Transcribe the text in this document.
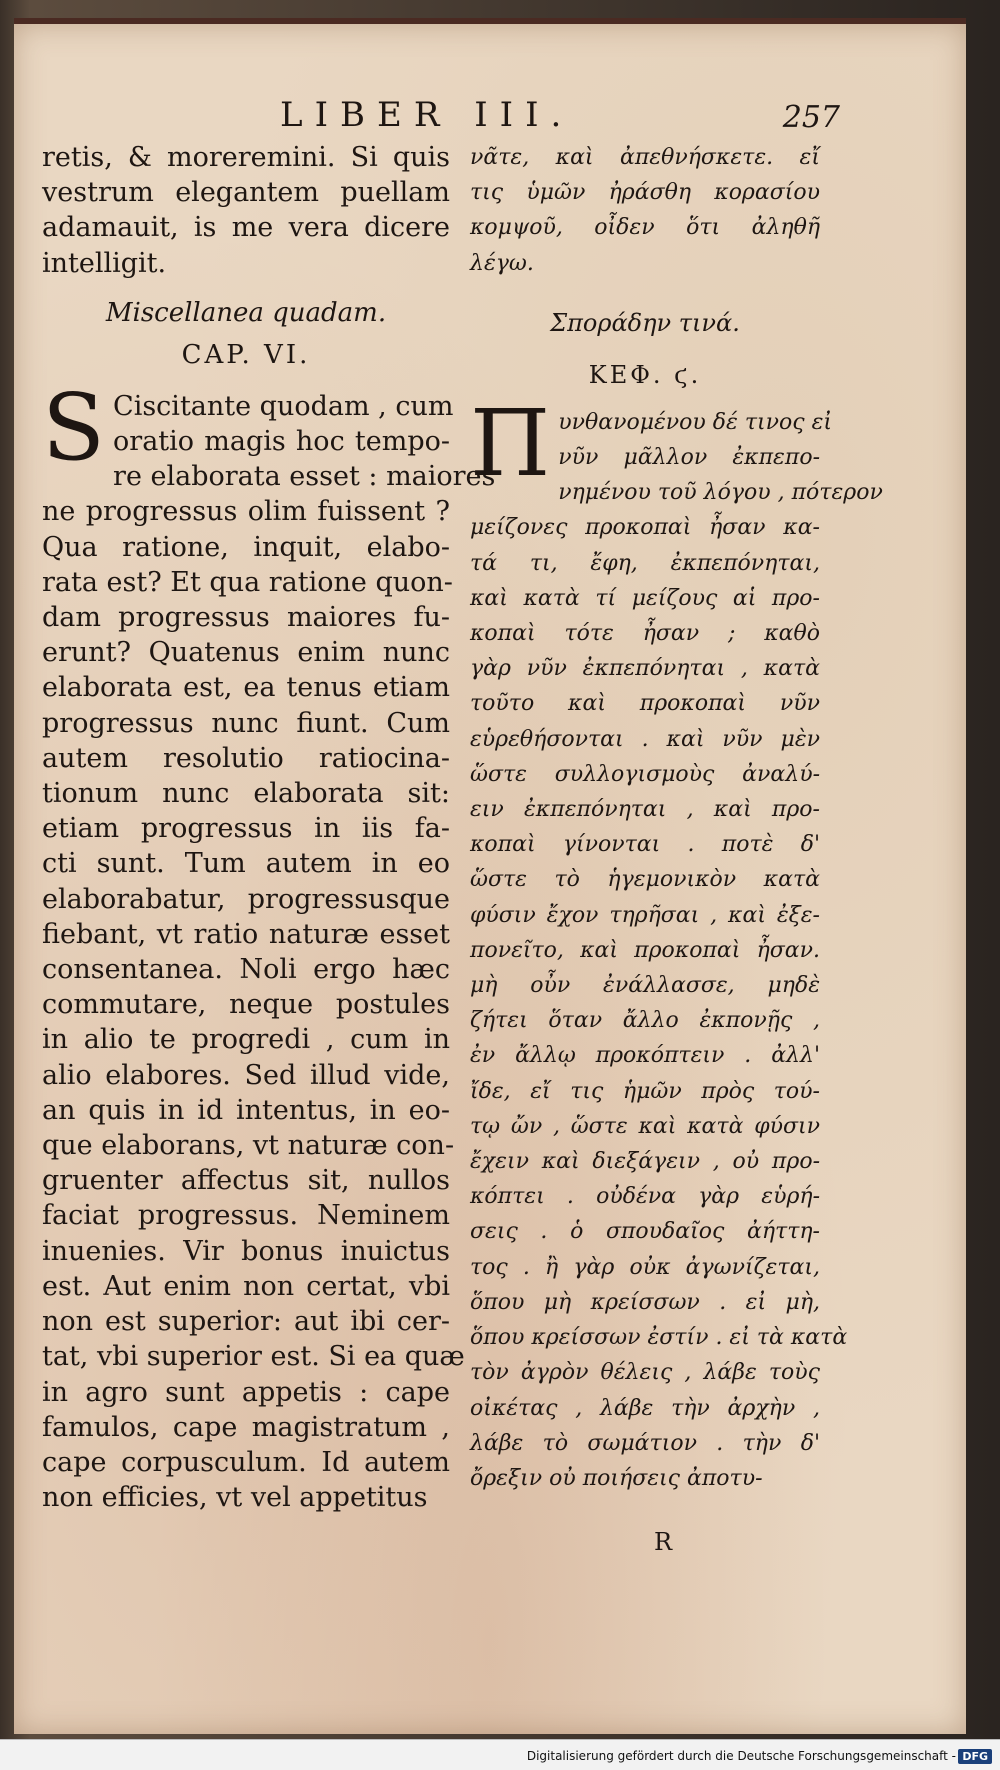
LIBER III.	257
retis, & moreremini. Si quis
vestrum elegantem puellam
adamauit, is me vera dicere
intelligit.
Miscellanea quadam.
CAP. VI.
S Ciscitante quodam , cum
oratio magis hoc tempo-
re elaborata esset : maiores
ne progressus olim fuissent ?
Qua ratione, inquit, elabo-
rata est? Et qua ratione quon-
dam progressus maiores fu-
erunt? Quatenus enim nunc
elaborata est, ea tenus etiam
progressus nunc fiunt. Cum
autem resolutio ratiocina-
tionum nunc elaborata sit:
etiam progressus in iis fa-
cti sunt. Tum autem in eo
elaborabatur, progressusque
fiebant, vt ratio naturæ esset
consentanea. Noli ergo hæc
commutare, neque postules
in alio te progredi , cum in
alio elabores. Sed illud vide,
an quis in id intentus, in eo-
que elaborans, vt naturæ con-
gruenter affectus sit, nullos
faciat progressus. Neminem
inuenies. Vir bonus inuictus
est. Aut enim non certat, vbi
non est superior: aut ibi cer-
tat, vbi superior est. Si ea quæ
in agro sunt appetis : cape
famulos, cape magistratum ,
cape corpusculum. Id autem
non efficies, vt vel appetitus
νᾶτε, καὶ ἀπεθνήσκετε. εἴ
τις ὑμῶν ἠράσθη κορασίου
κομψοῦ, οἶδεν ὅτι ἀληθῆ
λέγω.
Σποράδην τινά.
ΚΕΦ. ϛ.
Π υνθανομένου δέ τινος εἰ
νῦν μᾶλλον ἐκπεπο-
νημένου τοῦ λόγου , πότερον
μείζονες προκοπαὶ ἦσαν κα-
τά τι, ἔφη, ἐκπεπόνηται,
καὶ κατὰ τί μείζους αἱ προ-
κοπαὶ τότε ἦσαν ; καθὸ
γὰρ νῦν ἐκπεπόνηται , κατὰ
τοῦτο καὶ προκοπαὶ νῦν
εὑρεθήσονται . καὶ νῦν μὲν
ὥστε συλλογισμοὺς ἀναλύ-
ειν ἐκπεπόνηται , καὶ προ-
κοπαὶ γίνονται . ποτὲ δ'
ὥστε τὸ ἡγεμονικὸν κατὰ
φύσιν ἔχον τηρῆσαι , καὶ ἐξε-
πονεῖτο, καὶ προκοπαὶ ἦσαν.
μὴ οὖν ἐνάλλασσε, μηδὲ
ζήτει ὅταν ἄλλο ἐκπονῇς ,
ἐν ἄλλῳ προκόπτειν . ἀλλ'
ἴδε, εἴ τις ἡμῶν πρὸς τού-
τῳ ὤν , ὥστε καὶ κατὰ φύσιν
ἔχειν καὶ διεξάγειν , οὐ προ-
κόπτει . οὐδένα γὰρ εὑρή-
σεις . ὁ σπουδαῖος ἀήττη-
τος . ἢ γὰρ οὐκ ἀγωνίζεται,
ὅπου μὴ κρείσσων . εἰ μὴ,
ὅπου κρείσσων ἐστίν . εἰ τὰ κατὰ
τὸν ἀγρὸν θέλεις , λάβε τοὺς
οἰκέτας , λάβε τὴν ἀρχὴν ,
λάβε τὸ σωμάτιον . τὴν δ'
ὄρεξιν οὐ ποιήσεις ἀποτυ-
R
Digitalisierung gefördert durch die Deutsche Forschungsgemeinschaft - DFG
